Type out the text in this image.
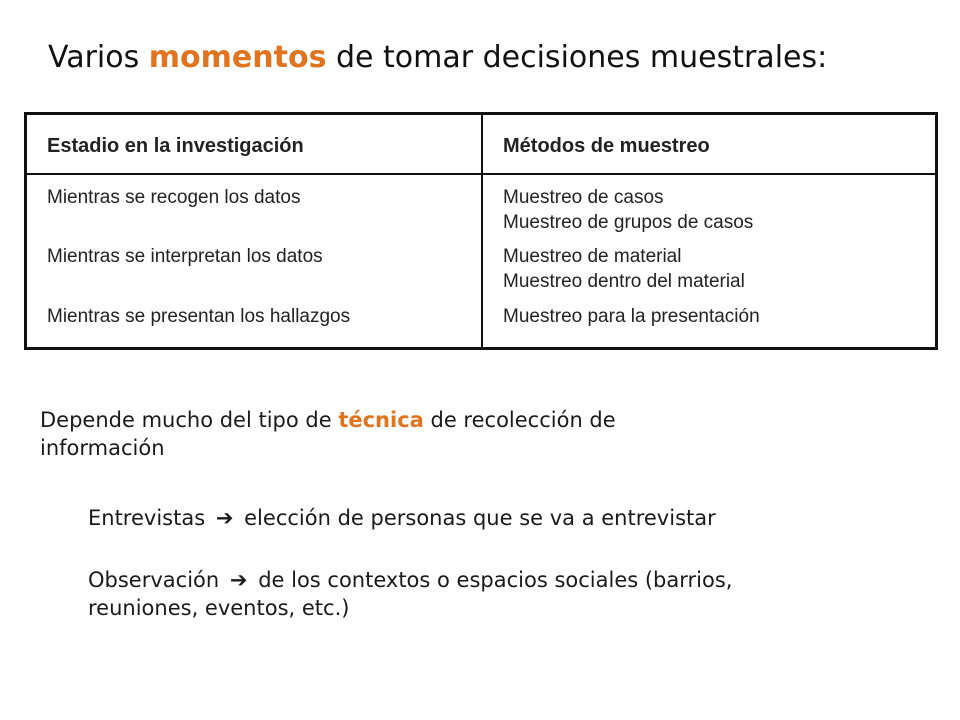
Varios momentos de tomar decisiones muestrales:
Estadio en la investigación	Métodos de muestreo
Mientras se recogen los datos	Muestreo de casos
Muestreo de grupos de casos
Mientras se interpretan los datos	Muestreo de material
Muestreo dentro del material
Mientras se presentan los hallazgos	Muestreo para la presentación
Depende mucho del tipo de técnica de recolección de
información
Entrevistas ➔ elección de personas que se va a entrevistar
Observación ➔ de los contextos o espacios sociales (barrios,
reuniones, eventos, etc.)
